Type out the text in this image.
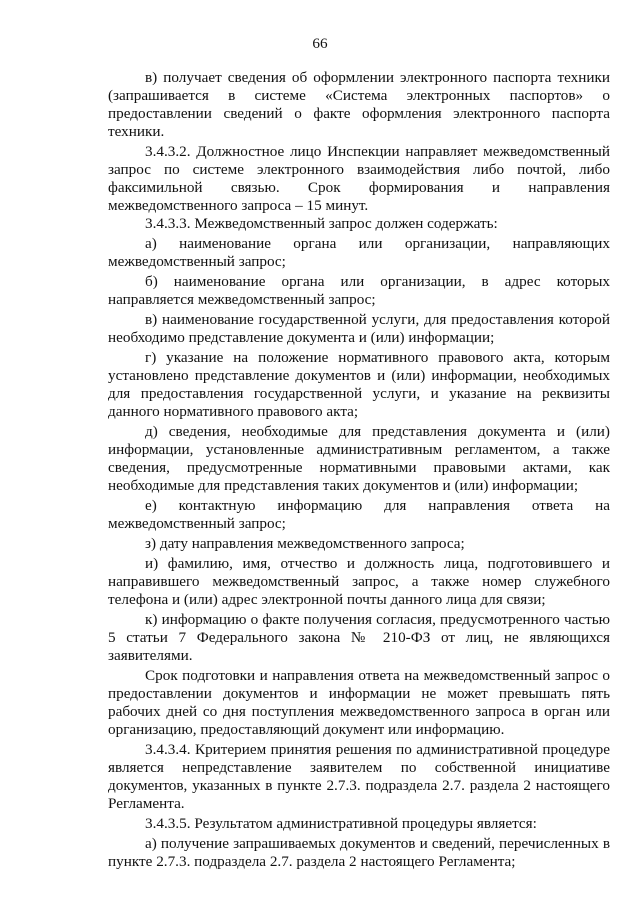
66

в) получает сведения об оформлении электронного паспорта техники (запрашивается в системе «Система электронных паспортов» о предоставлении сведений о факте оформления электронного паспорта техники.

3.4.3.2. Должностное лицо Инспекции направляет межведомственный запрос по системе электронного взаимодействия либо почтой, либо факсимильной связью. Срок формирования и направления межведомственного запроса – 15 минут.

3.4.3.3. Межведомственный запрос должен содержать:

а) наименование органа или организации, направляющих межведомственный запрос;

б) наименование органа или организации, в адрес которых направляется межведомственный запрос;

в) наименование государственной услуги, для предоставления которой необходимо представление документа и (или) информации;

г) указание на положение нормативного правового акта, которым установлено представление документов и (или) информации, необходимых для предоставления государственной услуги, и указание на реквизиты данного нормативного правового акта;

д) сведения, необходимые для представления документа и (или) информации, установленные административным регламентом, а также сведения, предусмотренные нормативными правовыми актами, как необходимые для представления таких документов и (или) информации;

е) контактную информацию для направления ответа на межведомственный запрос;

з) дату направления межведомственного запроса;

и) фамилию, имя, отчество и должность лица, подготовившего и направившего межведомственный запрос, а также номер служебного телефона и (или) адрес электронной почты данного лица для связи;

к) информацию о факте получения согласия, предусмотренного частью 5 статьи 7 Федерального закона № 210-ФЗ от лиц, не являющихся заявителями.

Срок подготовки и направления ответа на межведомственный запрос о предоставлении документов и информации не может превышать пять рабочих дней со дня поступления межведомственного запроса в орган или организацию, предоставляющий документ или информацию.

3.4.3.4. Критерием принятия решения по административной процедуре является непредставление заявителем по собственной инициативе документов, указанных в пункте 2.7.3. подраздела 2.7. раздела 2 настоящего Регламента.

3.4.3.5. Результатом административной процедуры является:

а) получение запрашиваемых документов и сведений, перечисленных в пункте 2.7.3. подраздела 2.7. раздела 2 настоящего Регламента;
